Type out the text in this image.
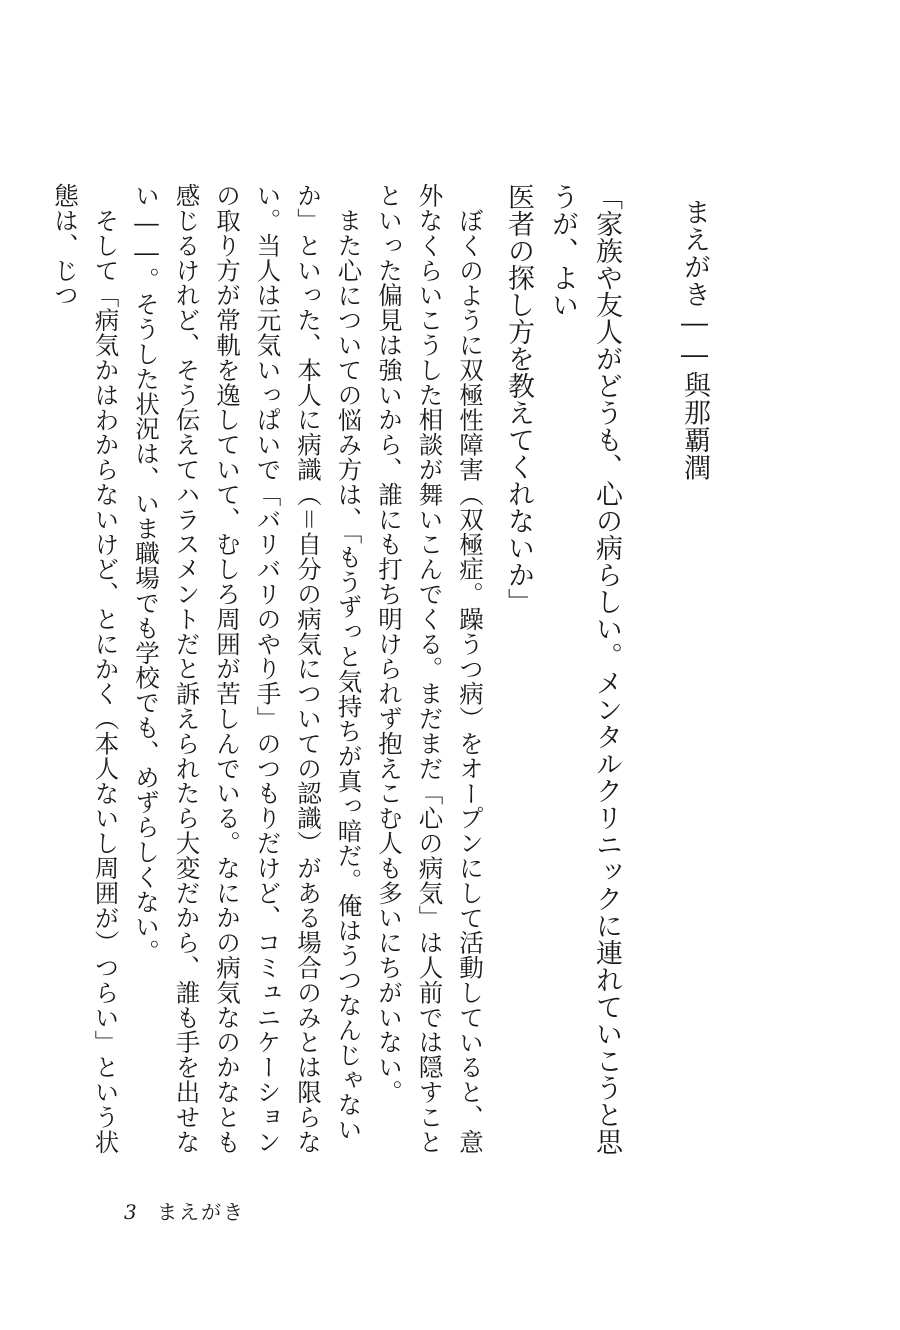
まえがき――與那覇潤
「家族や友人がどうも、心の病らしい。メンタルクリニックに連れていこうと思うが、よい
医者の探し方を教えてくれないか」

ぼくのように双極性障害（双極症。躁うつ病）をオープンにして活動していると、意外なくらいこうした相談が舞いこんでくる。まだまだ「心の病気」は人前では隠すことといった偏見は強いから、誰にも打ち明けられず抱えこむ人も多いにちがいない。

また心についての悩み方は、「もうずっと気持ちが真っ暗だ。俺はうつなんじゃないか」といった、本人に病識（＝自分の病気についての認識）がある場合のみとは限らない。当人は元気いっぱいで「バリバリのやり手」のつもりだけど、コミュニケーションの取り方が常軌を逸していて、むしろ周囲が苦しんでいる。なにかの病気なのかなとも感じるけれど、そう伝えてハラスメントだと訴えられたら大変だから、誰も手を出せない――。そうした状況は、いま職場でも学校でも、めずらしくない。

そして「病気かはわからないけど、とにかく（本人ないし周囲が）つらい」という状態は、じつ

3 まえがき
